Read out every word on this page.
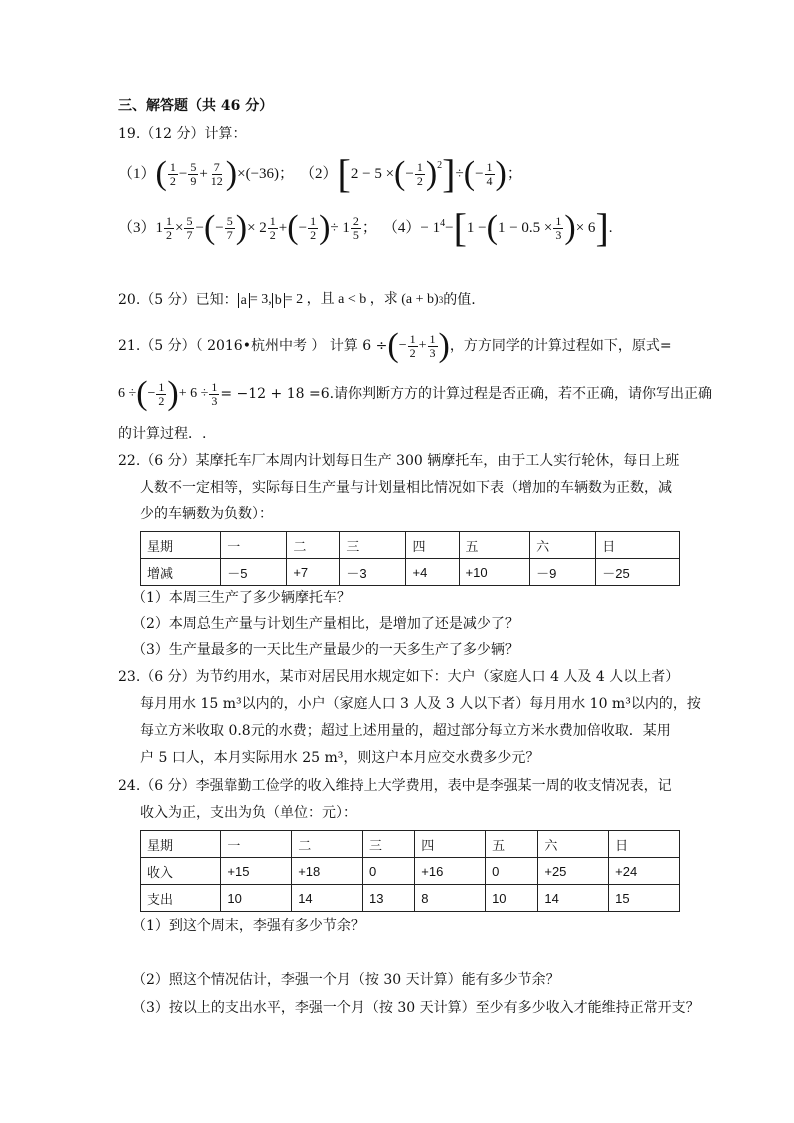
三、解答题（共 46 分）
19.（12 分）计算：
（1） ( $\frac{1}{2} - \frac{5}{9} + \frac{7}{12}$ ) ×(−36)； （2） [ 2 − 5 × ( − $\frac{1}{2} )^2$ ] ÷ ( − $\frac{1}{4}$ ) ；
（3） $1 \frac{1}{2} \times \frac{5}{7}$ − ( − $\frac{5}{7}$ ) × $2 \frac{1}{2}$ + ( − $\frac{1}{2}$ ) ÷ $1 \frac{2}{5}$ ； $(4) - 1^4$ − [ 1 − ( $1 - 0.5 \times \frac{1}{3}$ ) × 6 ] .
20.（5 分）已知： a = 3, b = 2 ，且 a < b ，求 (a + b) 3 的值.
21.（5 分）（ 2016•杭州中考 ） 计算 6 ÷ ( − $\frac{1}{2} + \frac{1}{3}$ ) ，方方同学的计算过程如下，原式=
6 ÷ ( − $\frac{1}{2}$ ) + $6 \div \frac{1}{3} = -12 + 18 =6$.请你判断方方的计算过程是否正确，若不正确，请你写出正确
的计算过程．.
22.（6 分）某摩托车厂本周内计划每日生产 300 辆摩托车，由于工人实行轮休，每日上班
人数不一定相等，实际每日生产量与计划量相比情况如下表（增加的车辆数为正数，减
少的车辆数为负数）：
星期	一	二	三	四	五	六	日
增减	－5	+7	－3	+4	+10	－9	－25
（1）本周三生产了多少辆摩托车？
（2）本周总生产量与计划生产量相比，是增加了还是减少了？
（3）生产量最多的一天比生产量最少的一天多生产了多少辆？
23.（6 分）为节约用水，某市对居民用水规定如下：大户（家庭人口 4 人及 4 人以上者）
每月用水 15 m³以内的，小户（家庭人口 3 人及 3 人以下者）每月用水 10 m³以内的，按
每立方米收取 0.8元的水费；超过上述用量的，超过部分每立方米水费加倍收取．某用
户 5 口人，本月实际用水 25 m³，则这户本月应交水费多少元？
24.（6 分）李强靠勤工俭学的收入维持上大学费用，表中是李强某一周的收支情况表，记
收入为正，支出为负（单位：元）：
星期	一	二	三	四	五	六	日
收入	+15	+18	0	+16	0	+25	+24
支出	10	14	13	8	10	14	15
（1）到这个周末，李强有多少节余？
（2）照这个情况估计，李强一个月（按 30 天计算）能有多少节余？
（3）按以上的支出水平，李强一个月（按 30 天计算）至少有多少收入才能维持正常开支？
